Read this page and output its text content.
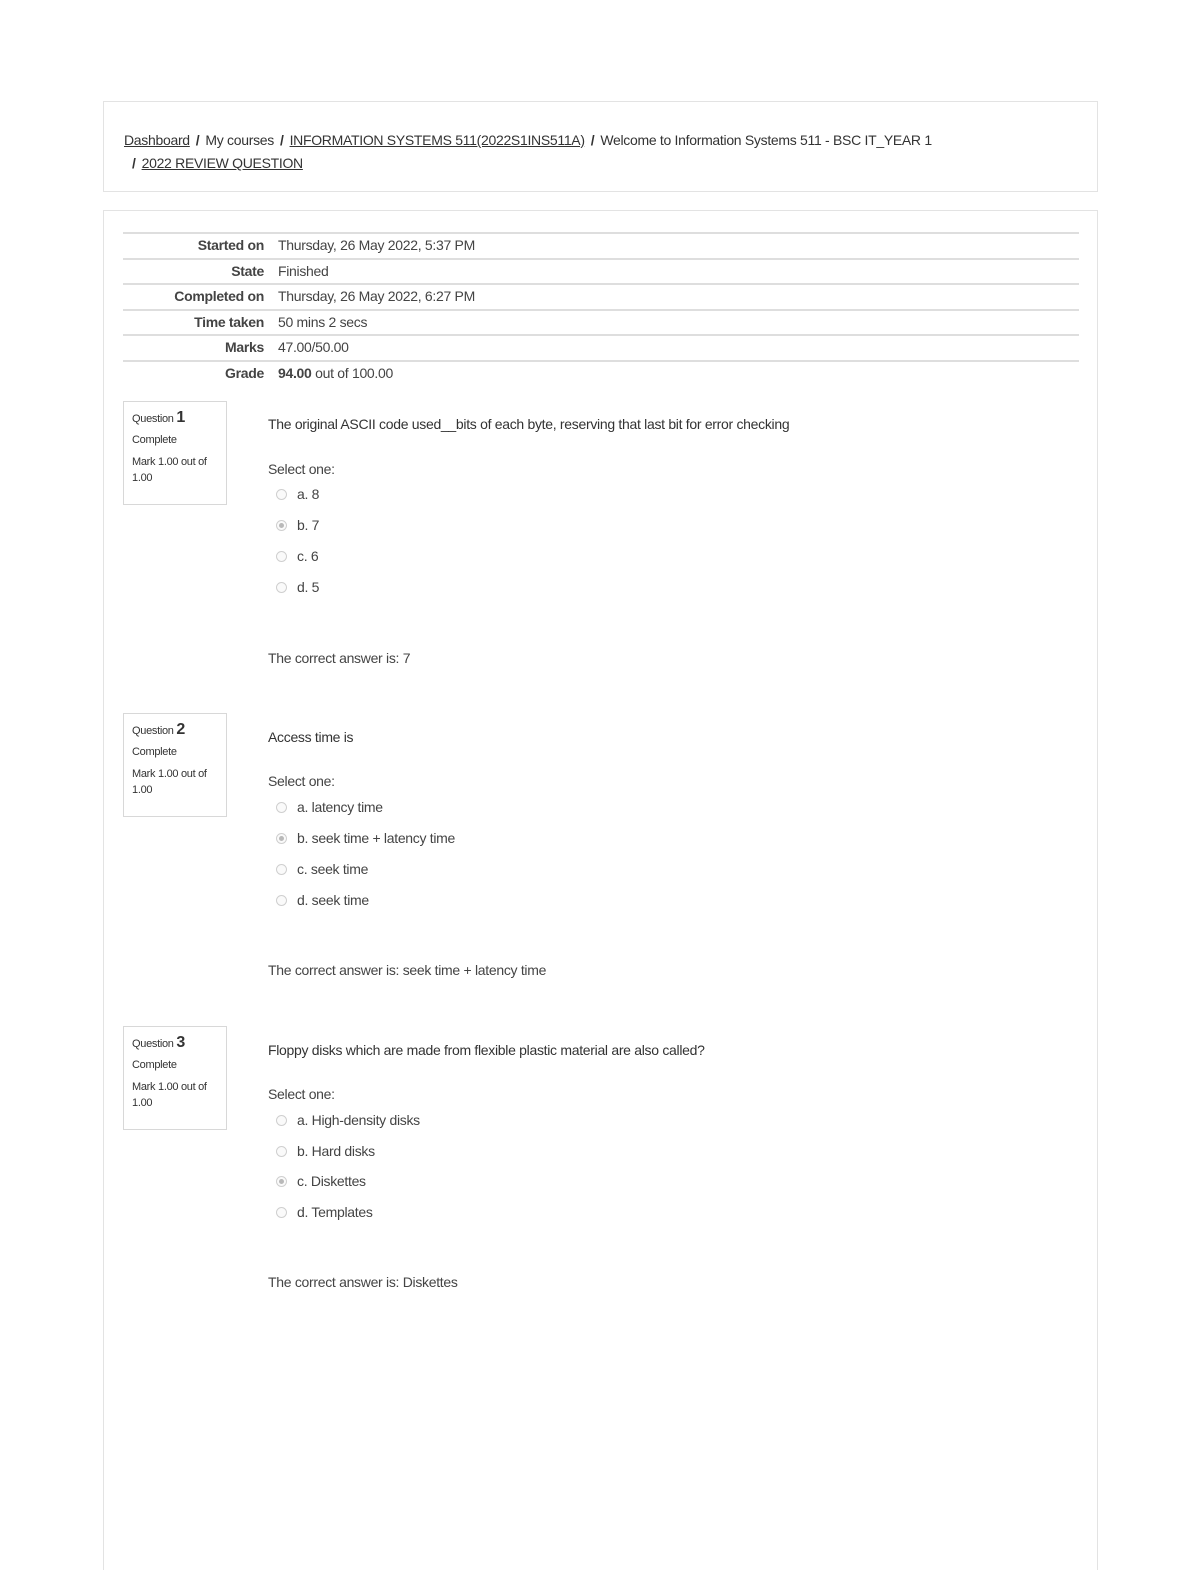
Dashboard / My courses / INFORMATION SYSTEMS 511(2022S1INS511A) / Welcome to Information Systems 511 - BSC IT_YEAR 1
/ 2022 REVIEW QUESTION
Started on	Thursday, 26 May 2022, 5:37 PM
State	Finished
Completed on	Thursday, 26 May 2022, 6:27 PM
Time taken	50 mins 2 secs
Marks	47.00/50.00
Grade	94.00 out of 100.00
Question 1
Complete
Mark 1.00 out of 1.00
The original ASCII code used__bits of each byte, reserving that last bit for error checking
Select one:
a. 8
b. 7
c. 6
d. 5
The correct answer is: 7
Question 2
Complete
Mark 1.00 out of 1.00
Access time is
Select one:
a. latency time
b. seek time + latency time
c. seek time
d. seek time
The correct answer is: seek time + latency time
Question 3
Complete
Mark 1.00 out of 1.00
Floppy disks which are made from flexible plastic material are also called?
Select one:
a. High-density disks
b. Hard disks
c. Diskettes
d. Templates
The correct answer is: Diskettes
